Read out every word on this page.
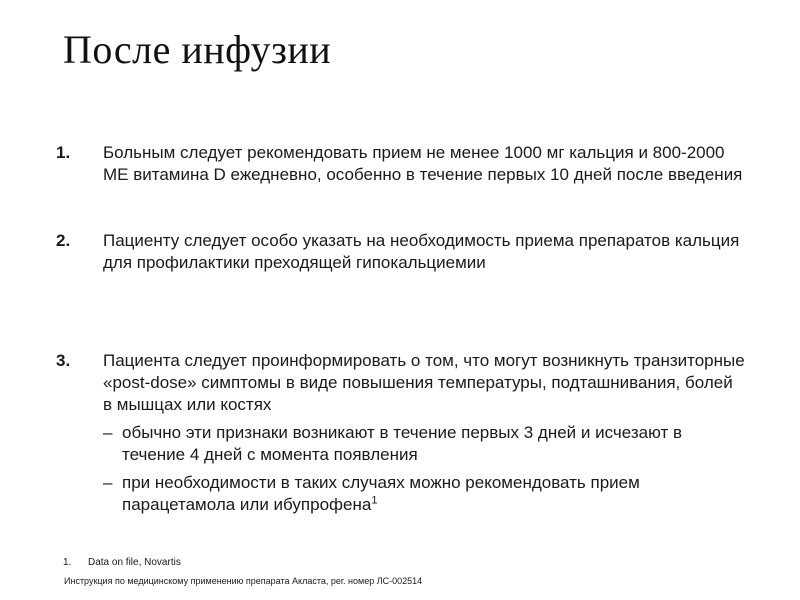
После инфузии
1. Больным следует рекомендовать прием не менее 1000 мг кальция и 800-2000 МЕ витамина D ежедневно, особенно в течение первых 10 дней после введения
2. Пациенту следует особо указать на необходимость приема препаратов кальция для профилактики преходящей гипокальциемии
3. Пациента следует проинформировать о том, что могут возникнуть транзиторные «post-dose» симптомы в виде повышения температуры, подташнивания, болей в мышцах или костях
– обычно эти признаки возникают в течение первых 3 дней и исчезают в течение 4 дней с момента появления
– при необходимости в таких случаях можно рекомендовать прием парацетамола или ибупрофена$^1$
1. Data on file, Novartis
Инструкция по медицинскому применению препарата Акласта, рег. номер ЛС-002514
